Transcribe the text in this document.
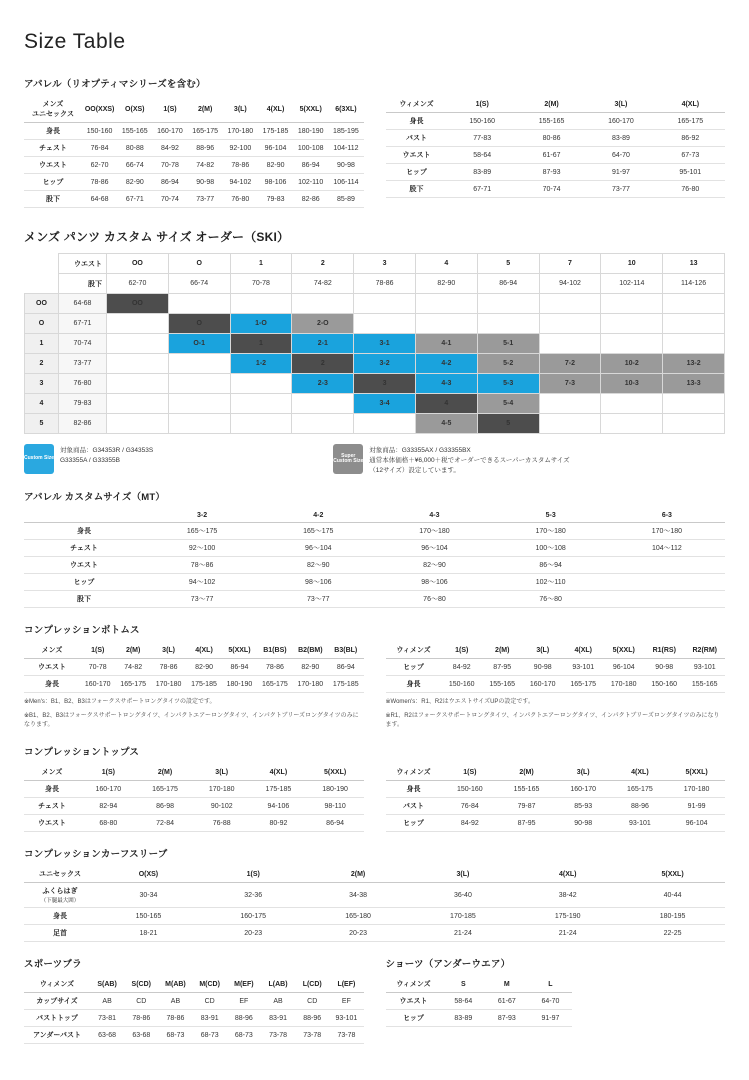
Size Table
アパレル（リオプティマシリーズを含む）
メンズ
ユニセックス	OO(XXS)	O(XS)	1(S)	2(M)	3(L)	4(XL)	5(XXL)	6(3XL)
身長	150-160	155-165	160-170	165-175	170-180	175-185	180-190	185-195
チェスト	76-84	80-88	84-92	88-96	92-100	96-104	100-108	104-112
ウエスト	62-70	66-74	70-78	74-82	78-86	82-90	86-94	90-98
ヒップ	78-86	82-90	86-94	90-98	94-102	98-106	102-110	106-114
股下	64-68	67-71	70-74	73-77	76-80	79-83	82-86	85-89
ウィメンズ	1(S)	2(M)	3(L)	4(XL)
身長	150-160	155-165	160-170	165-175
バスト	77-83	80-86	83-89	86-92
ウエスト	58-64	61-67	64-70	67-73
ヒップ	83-89	87-93	91-97	95-101
股下	67-71	70-74	73-77	76-80
メンズ パンツ カスタム サイズ オーダー（SKI）
	ウエスト	OO	O	1	2	3	4	5	7	10	13
	股下	62-70	66-74	70-78	74-82	78-86	82-90	86-94	94-102	102-114	114-126
OO	64-68	OO									
O	67-71		O	1-O	2-O						
1	70-74		O-1	1	2-1	3-1	4-1	5-1			
2	73-77			1-2	2	3-2	4-2	5-2	7-2	10-2	13-2
3	76-80				2-3	3	4-3	5-3	7-3	10-3	13-3
4	79-83					3-4	4	5-4			
5	82-86						4-5	5			
Custom Size
対象商品：G34353R / G34353S
G33355A / G33355B
Super Custom Size
対象商品：G33355AX / G33355BX
通常本体価格＋¥6,000＋税でオーダーできるスーパーカスタムサイズ
（12サイズ）設定しています。
アパレル カスタムサイズ（MT）
	3-2	4-2	4-3	5-3	6-3
身長	165〜175	165〜175	170〜180	170〜180	170〜180
チェスト	92〜100	96〜104	96〜104	100〜108	104〜112
ウエスト	78〜86	82〜90	82〜90	86〜94	
ヒップ	94〜102	98〜106	98〜106	102〜110	
股下	73〜77	73〜77	76〜80	76〜80	
コンプレッションボトムス
メンズ	1(S)	2(M)	3(L)	4(XL)	5(XXL)	B1(BS)	B2(BM)	B3(BL)
ウエスト	70-78	74-82	78-86	82-90	86-94	78-86	82-90	86-94
身長	160-170	165-175	170-180	175-185	180-190	165-175	170-180	175-185
※Men's：B1、B2、B3はフォークスサポートロングタイツの設定です。
※B1、B2、B3はフォークスサポートロングタイツ、インパクトエアーロングタイツ、インパクトブリーズロングタイツのみになります。
ウィメンズ	1(S)	2(M)	3(L)	4(XL)	5(XXL)	R1(RS)	R2(RM)
ヒップ	84-92	87-95	90-98	93-101	96-104	90-98	93-101
身長	150-160	155-165	160-170	165-175	170-180	150-160	155-165
※Women's：R1、R2はウエストサイズUPの設定です。
※R1、R2はフォークスサポートロングタイツ、インパクトエアーロングタイツ、インパクトブリーズロングタイツのみになります。
コンプレッショントップス
メンズ	1(S)	2(M)	3(L)	4(XL)	5(XXL)
身長	160-170	165-175	170-180	175-185	180-190
チェスト	82-94	86-98	90-102	94-106	98-110
ウエスト	68-80	72-84	76-88	80-92	86-94
ウィメンズ	1(S)	2(M)	3(L)	4(XL)	5(XXL)
身長	150-160	155-165	160-170	165-175	170-180
バスト	76-84	79-87	85-93	88-96	91-99
ヒップ	84-92	87-95	90-98	93-101	96-104
コンプレッションカーフスリーブ
ユニセックス	O(XS)	1(S)	2(M)	3(L)	4(XL)	5(XXL)
ふくらはぎ
（下腿最大囲）	30-34	32-36	34-38	36-40	38-42	40-44
身長	150-165	160-175	165-180	170-185	175-190	180-195
足首	18-21	20-23	20-23	21-24	21-24	22-25
スポーツブラ
ウィメンズ	S(AB)	S(CD)	M(AB)	M(CD)	M(EF)	L(AB)	L(CD)	L(EF)
カップサイズ	AB	CD	AB	CD	EF	AB	CD	EF
バストトップ	73-81	78-86	78-86	83-91	88-96	83-91	88-96	93-101
アンダーバスト	63-68	63-68	68-73	68-73	68-73	73-78	73-78	73-78
ショーツ（アンダーウエア）
ウィメンズ	S	M	L
ウエスト	58-64	61-67	64-70
ヒップ	83-89	87-93	91-97
